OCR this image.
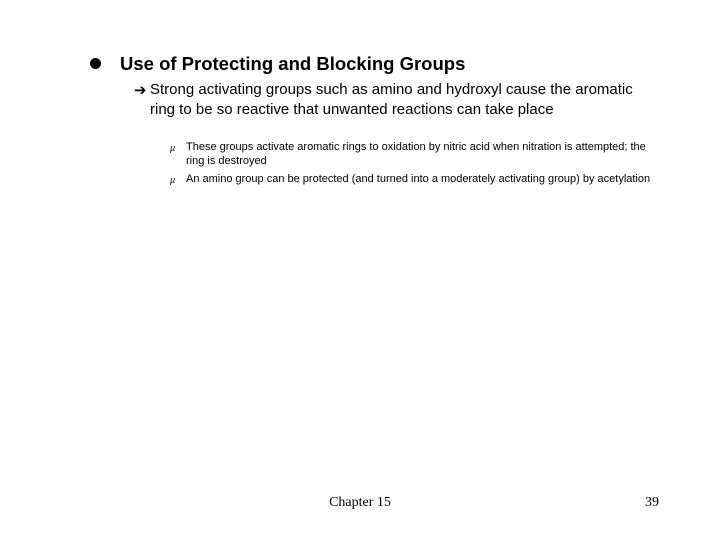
Use of Protecting and Blocking Groups
➔ Strong activating groups such as amino and hydroxyl cause the aromatic ring to be so reactive that unwanted reactions can take place
µ These groups activate aromatic rings to oxidation by nitric acid when nitration is attempted; the ring is destroyed
µ An amino group can be protected (and turned into a moderately activating group) by acetylation
Chapter 15	39
